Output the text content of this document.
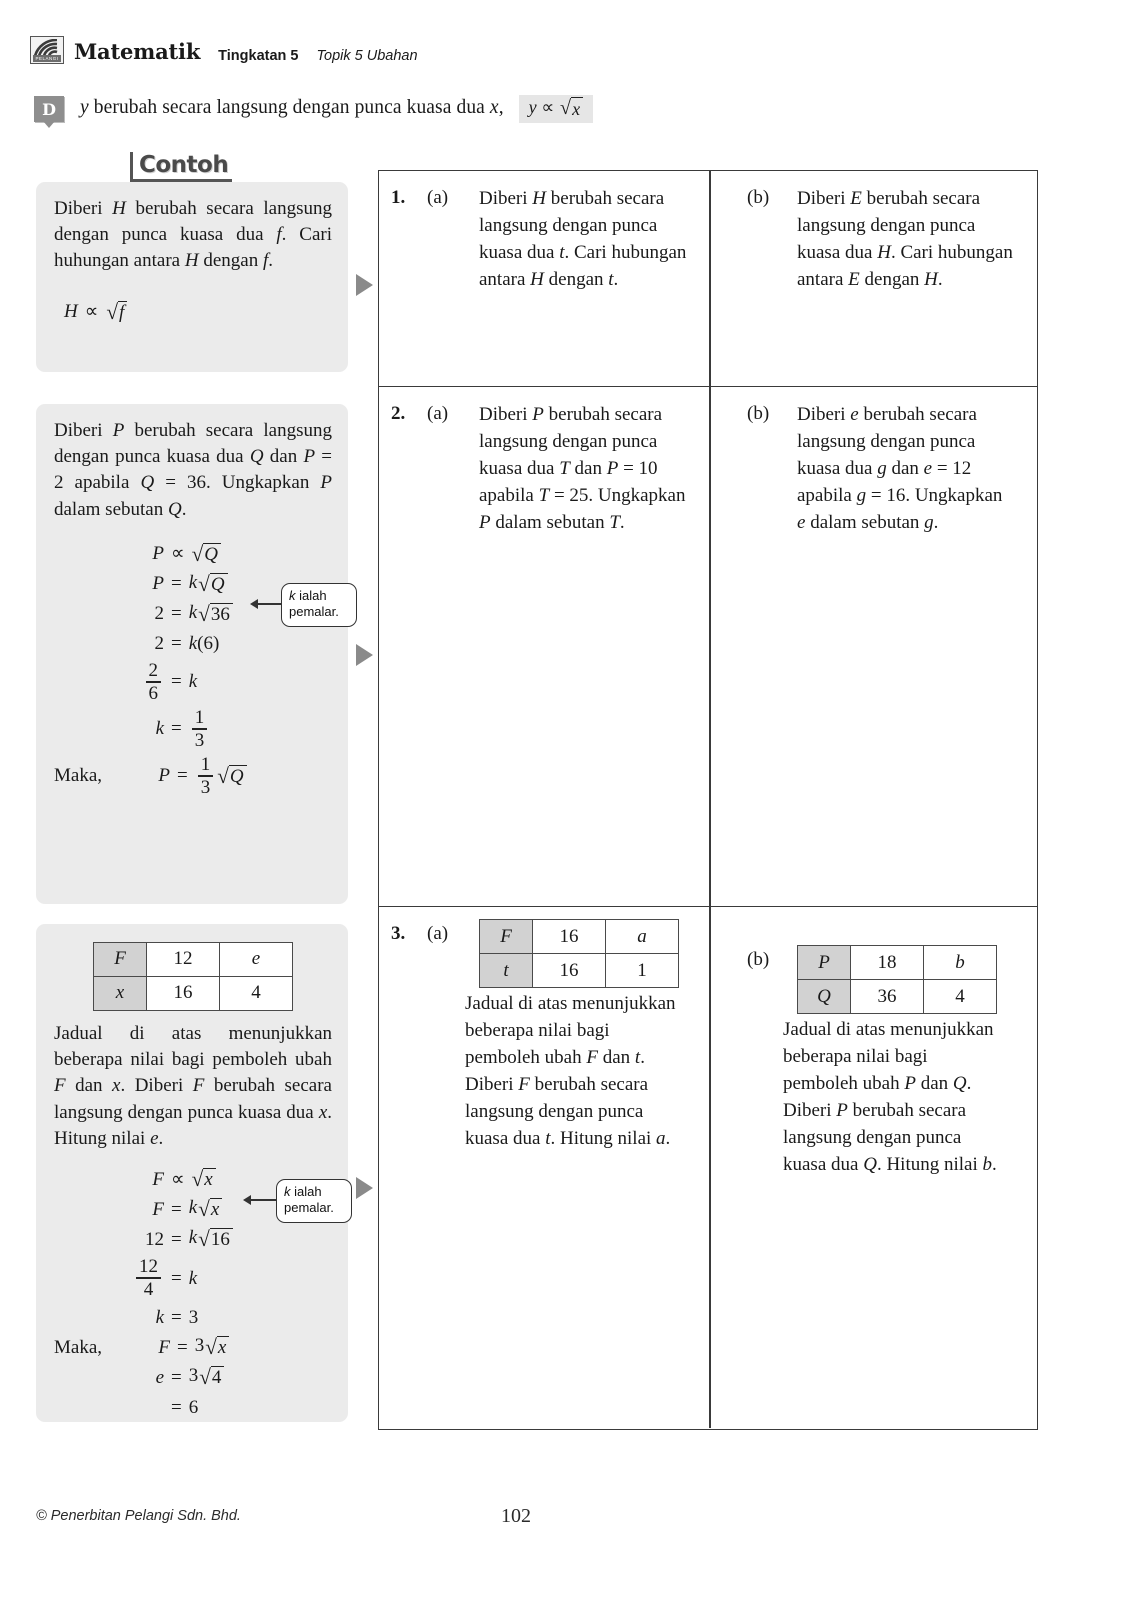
PELANGI Matematik Tingkatan 5 Topik 5 Ubahan
D	y berubah secara langsung dengan punca kuasa dua x, y ∝ √ x
Contoh
Diberi H berubah secara langsung dengan punca kuasa dua f. Cari huhungan antara H dengan f.
H ∝ √ f
Diberi P berubah secara langsung dengan punca kuasa dua Q dan P = 2 apabila Q = 36. Ungkapkan P dalam sebutan Q.
P ∝ √ Q
P = k √ Q
2 = k √ 36
2 = k(6)
$\frac{2}{6} = k$
$k = \frac{1}{3}$
Maka,	$P = \frac{1}{3}$ √ Q
k ialah
pemalar.
F	12	e
x	16	4
Jadual di atas menunjukkan beberapa nilai bagi pemboleh ubah F dan x. Diberi F berubah secara langsung dengan punca kuasa dua x. Hitung nilai e.
F ∝ √ x
F = k √ x
12 = k √ 16
$\frac{12}{4} = k$
k = 3
Maka,	F = 3 √ x
e = 3 √ 4
= 6
k ialah
pemalar.
1. (a) Diberi H berubah secara langsung dengan punca kuasa dua t. Cari hubungan antara H dengan t.
(b) Diberi E berubah secara langsung dengan punca kuasa dua H. Cari hubungan antara E dengan H.
2. (a) Diberi P berubah secara langsung dengan punca kuasa dua T dan P = 10 apabila T = 25. Ungkapkan P dalam sebutan T.
(b) Diberi e berubah secara langsung dengan punca kuasa dua g dan e = 12 apabila g = 16. Ungkapkan e dalam sebutan g.
3. (a)	F	16	a
t	16	1
Jadual di atas menunjukkan beberapa nilai bagi pemboleh ubah F dan t. Diberi F berubah secara langsung dengan punca kuasa dua t. Hitung nilai a.
(b)	P	18	b
Q	36	4
Jadual di atas menunjukkan beberapa nilai bagi pemboleh ubah P dan Q. Diberi P berubah secara langsung dengan punca kuasa dua Q. Hitung nilai b.
© Penerbitan Pelangi Sdn. Bhd.	102
